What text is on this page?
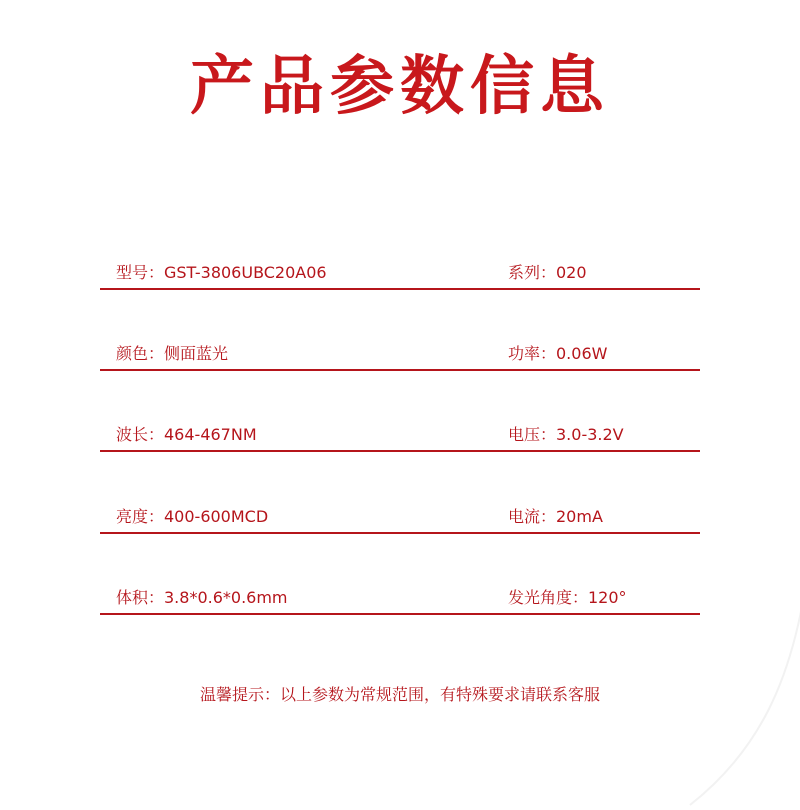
产品参数信息
型号：GST-3806UBC20A06	系列：020
颜色：侧面蓝光	功率：0.06W
波长：464-467NM	电压：3.0-3.2V
亮度：400-600MCD	电流：20mA
体积：3.8*0.6*0.6mm	发光角度：120°
温馨提示：以上参数为常规范围，有特殊要求请联系客服
